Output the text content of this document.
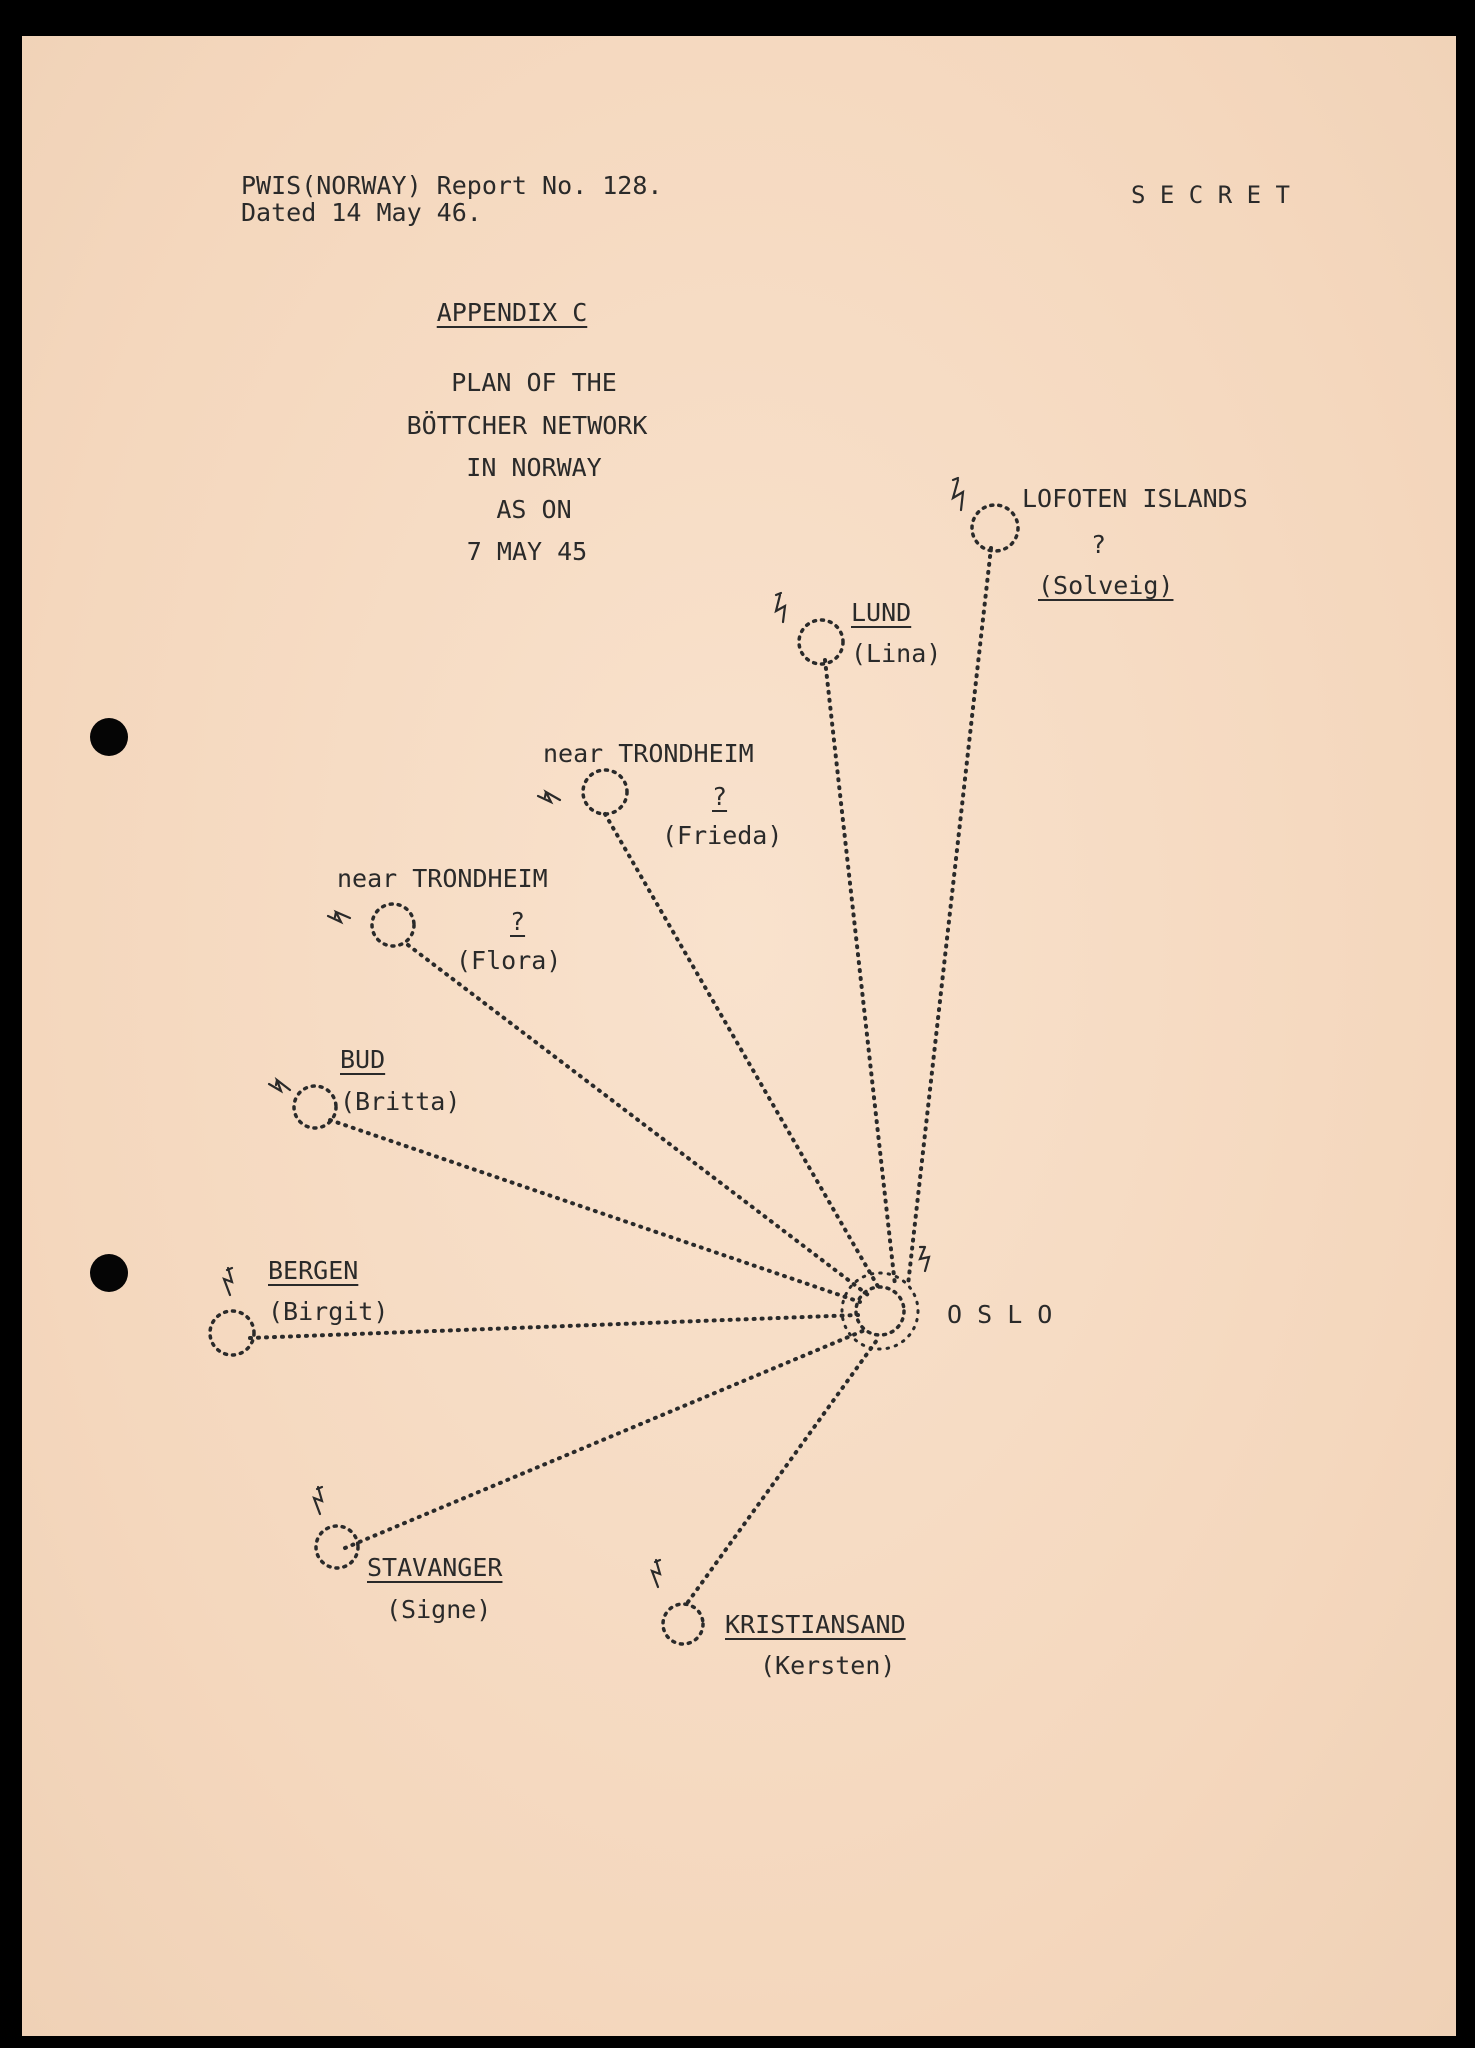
PWIS(NORWAY) Report No. 128.
Dated 14 May 46.
S E C R E T
APPENDIX C
PLAN OF THE
BÖTTCHER NETWORK
IN NORWAY
AS ON
7 MAY 45
LOFOTEN ISLANDS
?
(Solveig)
LUND
(Lina)
near TRONDHEIM
?
(Frieda)
near TRONDHEIM
?
(Flora)
BUD
(Britta)
BERGEN
(Birgit)
STAVANGER
(Signe)
KRISTIANSAND
(Kersten)
O S L O
